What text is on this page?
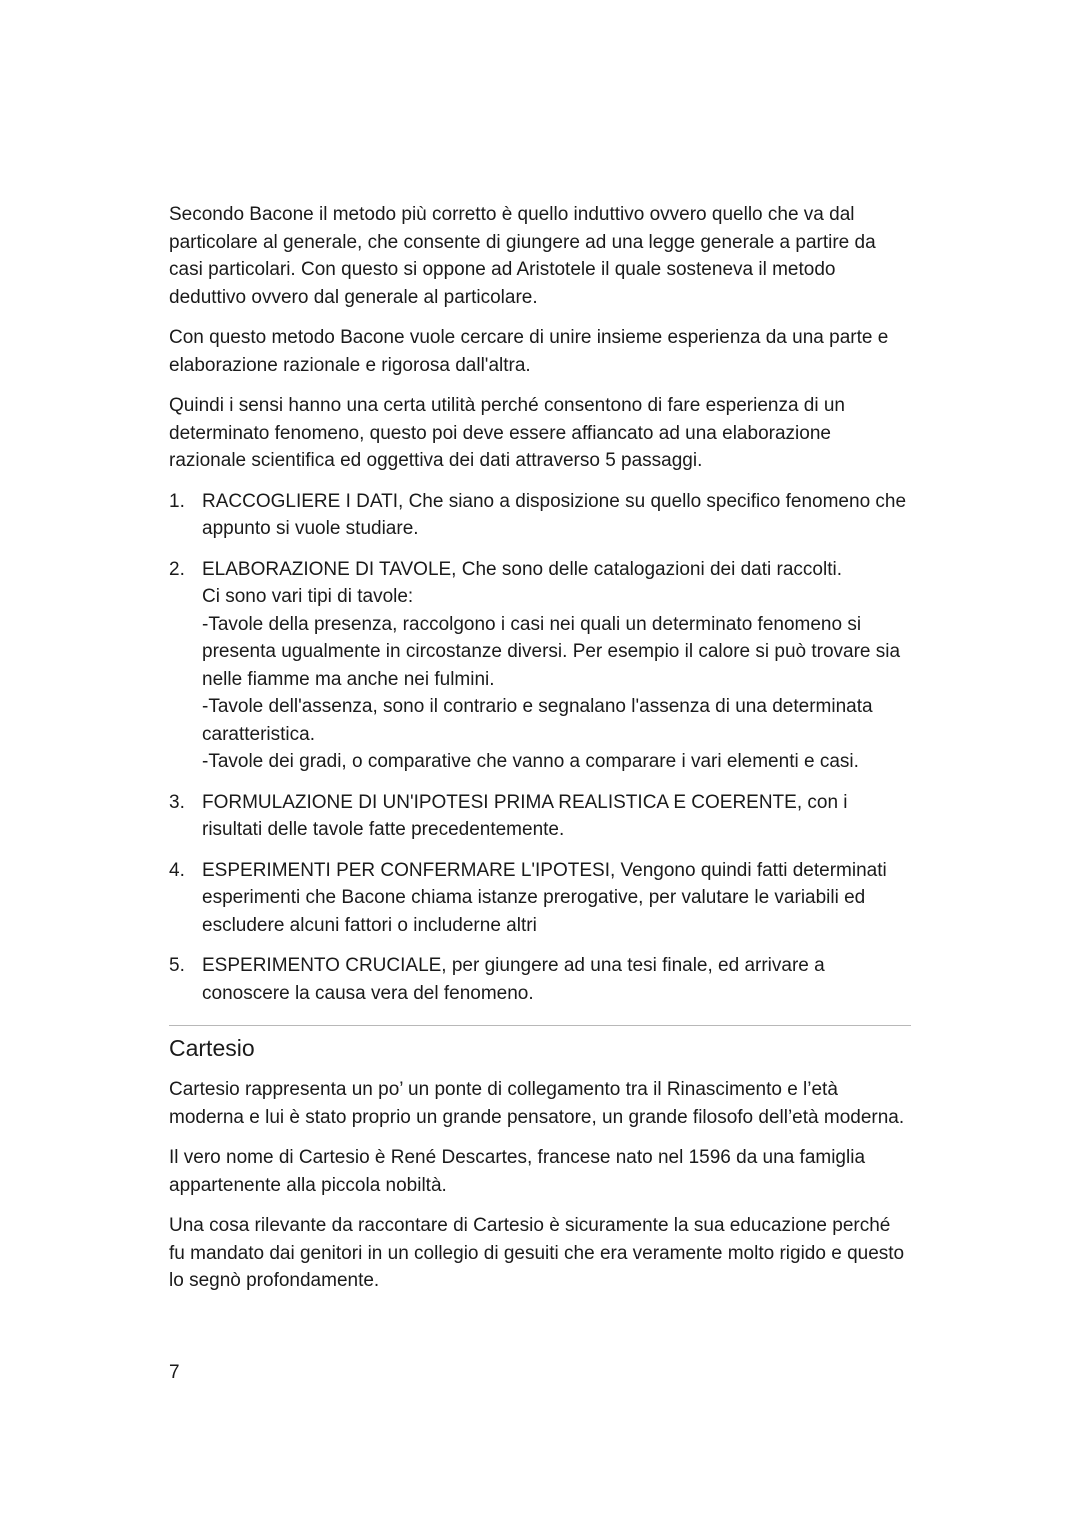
Secondo Bacone il metodo più corretto è quello induttivo ovvero quello che va dal particolare al generale, che consente di giungere ad una legge generale a partire da casi particolari. Con questo si oppone ad Aristotele il quale sosteneva il metodo deduttivo ovvero dal generale al particolare.

Con questo metodo Bacone vuole cercare di unire insieme esperienza da una parte e elaborazione razionale e rigorosa dall'altra.

Quindi i sensi hanno una certa utilità perché consentono di fare esperienza di un determinato fenomeno, questo poi deve essere affiancato ad una elaborazione razionale scientifica ed oggettiva dei dati attraverso 5 passaggi.

1. RACCOGLIERE I DATI, Che siano a disposizione su quello specifico fenomeno che appunto si vuole studiare.
2. ELABORAZIONE DI TAVOLE, Che sono delle catalogazioni dei dati raccolti.
Ci sono vari tipi di tavole:
-Tavole della presenza, raccolgono i casi nei quali un determinato fenomeno si presenta ugualmente in circostanze diversi. Per esempio il calore si può trovare sia nelle fiamme ma anche nei fulmini.
-Tavole dell'assenza, sono il contrario e segnalano l'assenza di una determinata caratteristica.
-Tavole dei gradi, o comparative che vanno a comparare i vari elementi e casi.
3. FORMULAZIONE DI UN'IPOTESI PRIMA REALISTICA E COERENTE, con i risultati delle tavole fatte precedentemente.
4. ESPERIMENTI PER CONFERMARE L'IPOTESI, Vengono quindi fatti determinati esperimenti che Bacone chiama istanze prerogative, per valutare le variabili ed escludere alcuni fattori o includerne altri
5. ESPERIMENTO CRUCIALE, per giungere ad una tesi finale, ed arrivare a conoscere la causa vera del fenomeno.
Cartesio

Cartesio rappresenta un po’ un ponte di collegamento tra il Rinascimento e l’età moderna e lui è stato proprio un grande pensatore, un grande filosofo dell’età moderna.

Il vero nome di Cartesio è René Descartes, francese nato nel 1596 da una famiglia appartenente alla piccola nobiltà.

Una cosa rilevante da raccontare di Cartesio è sicuramente la sua educazione perché fu mandato dai genitori in un collegio di gesuiti che era veramente molto rigido e questo lo segnò profondamente.

7
